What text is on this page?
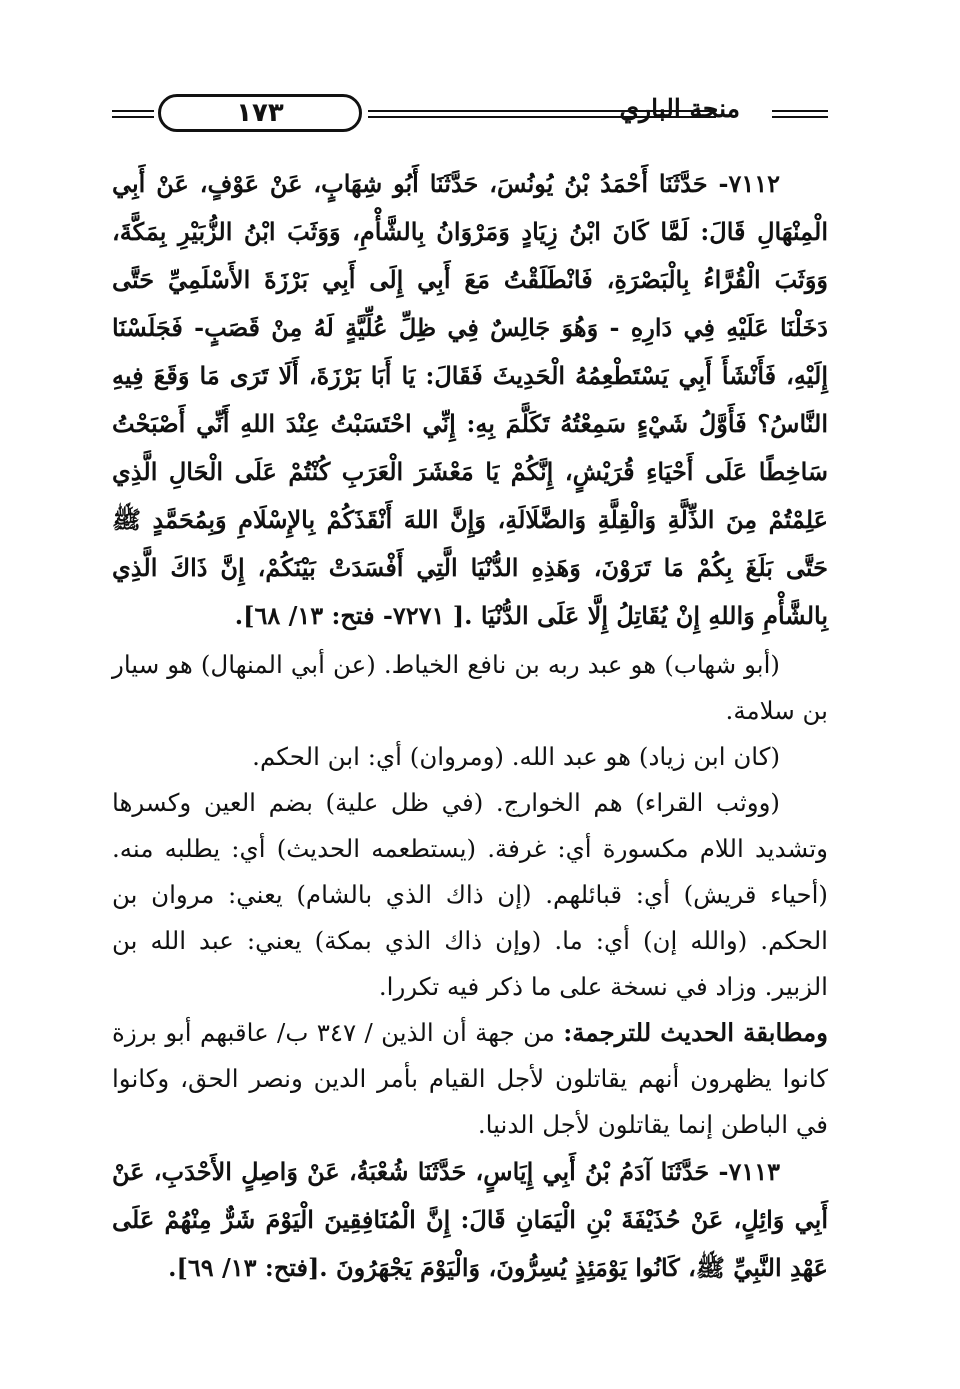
١٧٣	منحة الباري

٧١١٢- حَدَّثَنَا أَحْمَدُ بْنُ يُونُسَ، حَدَّثَنَا أَبُو شِهَابٍ، عَنْ عَوْفٍ، عَنْ أَبِي الْمِنْهَالِ قَالَ: لَمَّا كَانَ ابْنُ زِيَادٍ وَمَرْوَانُ بِالشَّأْمِ، وَوَثَبَ ابْنُ الزُّبَيْرِ بِمَكَّةَ، وَوَثَبَ الْقُرَّاءُ بِالْبَصْرَةِ، فَانْطَلَقْتُ مَعَ أَبِي إِلَى أَبِي بَرْزَةَ الأَسْلَمِيِّ حَتَّى دَخَلْنَا عَلَيْهِ فِي دَارِهِ - وَهُوَ جَالِسٌ فِي ظِلِّ عُلِّيَّةٍ لَهُ مِنْ قَصَبٍ- فَجَلَسْنَا إِلَيْهِ، فَأَنْشَأَ أَبِي يَسْتَطْعِمُهُ الْحَدِيثَ فَقَالَ: يَا أَبَا بَرْزَةَ، أَلَا تَرَى مَا وَقَعَ فِيهِ النَّاسُ؟ فَأَوَّلُ شَيْءٍ سَمِعْتُهُ تَكَلَّمَ بِهِ: إِنِّي احْتَسَبْتُ عِنْدَ اللهِ أَنِّي أَصْبَحْتُ سَاخِطًا عَلَى أَحْيَاءِ قُرَيْشٍ، إِنَّكُمْ يَا مَعْشَرَ الْعَرَبِ كُنْتُمْ عَلَى الْحَالِ الَّذِي عَلِمْتُمْ مِنَ الذِّلَّةِ وَالْقِلَّةِ وَالضَّلَالَةِ، وَإِنَّ اللهَ أَنْقَذَكُمْ بِالإِسْلَامِ وَبِمُحَمَّدٍ ﷺ حَتَّى بَلَغَ بِكُمْ مَا تَرَوْنَ، وَهَذِهِ الدُّنْيَا الَّتِي أَفْسَدَتْ بَيْنَكُمْ، إِنَّ ذَاكَ الَّذِي بِالشَّأْمِ وَاللهِ إِنْ يُقَاتِلُ إِلَّا عَلَى الدُّنْيَا .[ ٧٢٧١- فتح: ١٣/ ٦٨].

(أبو شهاب) هو عبد ربه بن نافع الخياط. (عن أبي المنهال) هو سيار بن سلامة.

(كان ابن زياد) هو عبد الله. (ومروان) أي: ابن الحكم.

(ووثب القراء) هم الخوارج. (في ظل علية) بضم العين وكسرها وتشديد اللام مكسورة أي: غرفة. (يستطعمه الحديث) أي: يطلبه منه. (أحياء قريش) أي: قبائلهم. (إن ذاك الذي بالشام) يعني: مروان بن الحكم. (والله إن) أي: ما. (وإن ذاك الذي بمكة) يعني: عبد الله بن الزبير. وزاد في نسخة على ما ذكر فيه تكررا.

ومطابقة الحديث للترجمة: من جهة أن الذين / ٣٤٧ ب/ عاقبهم أبو برزة كانوا يظهرون أنهم يقاتلون لأجل القيام بأمر الدين ونصر الحق، وكانوا في الباطن إنما يقاتلون لأجل الدنيا.

٧١١٣- حَدَّثَنَا آدَمُ بْنُ أَبِي إِيَاسٍ، حَدَّثَنَا شُعْبَةُ، عَنْ وَاصِلٍ الأَحْدَبِ، عَنْ أَبِي وَائِلٍ، عَنْ حُذَيْفَةَ بْنِ الْيَمَانِ قَالَ: إِنَّ الْمُنَافِقِينَ الْيَوْمَ شَرٌّ مِنْهُمْ عَلَى عَهْدِ النَّبِيِّ ﷺ، كَانُوا يَوْمَئِذٍ يُسِرُّونَ، وَالْيَوْمَ يَجْهَرُونَ .[فتح: ١٣/ ٦٩].
